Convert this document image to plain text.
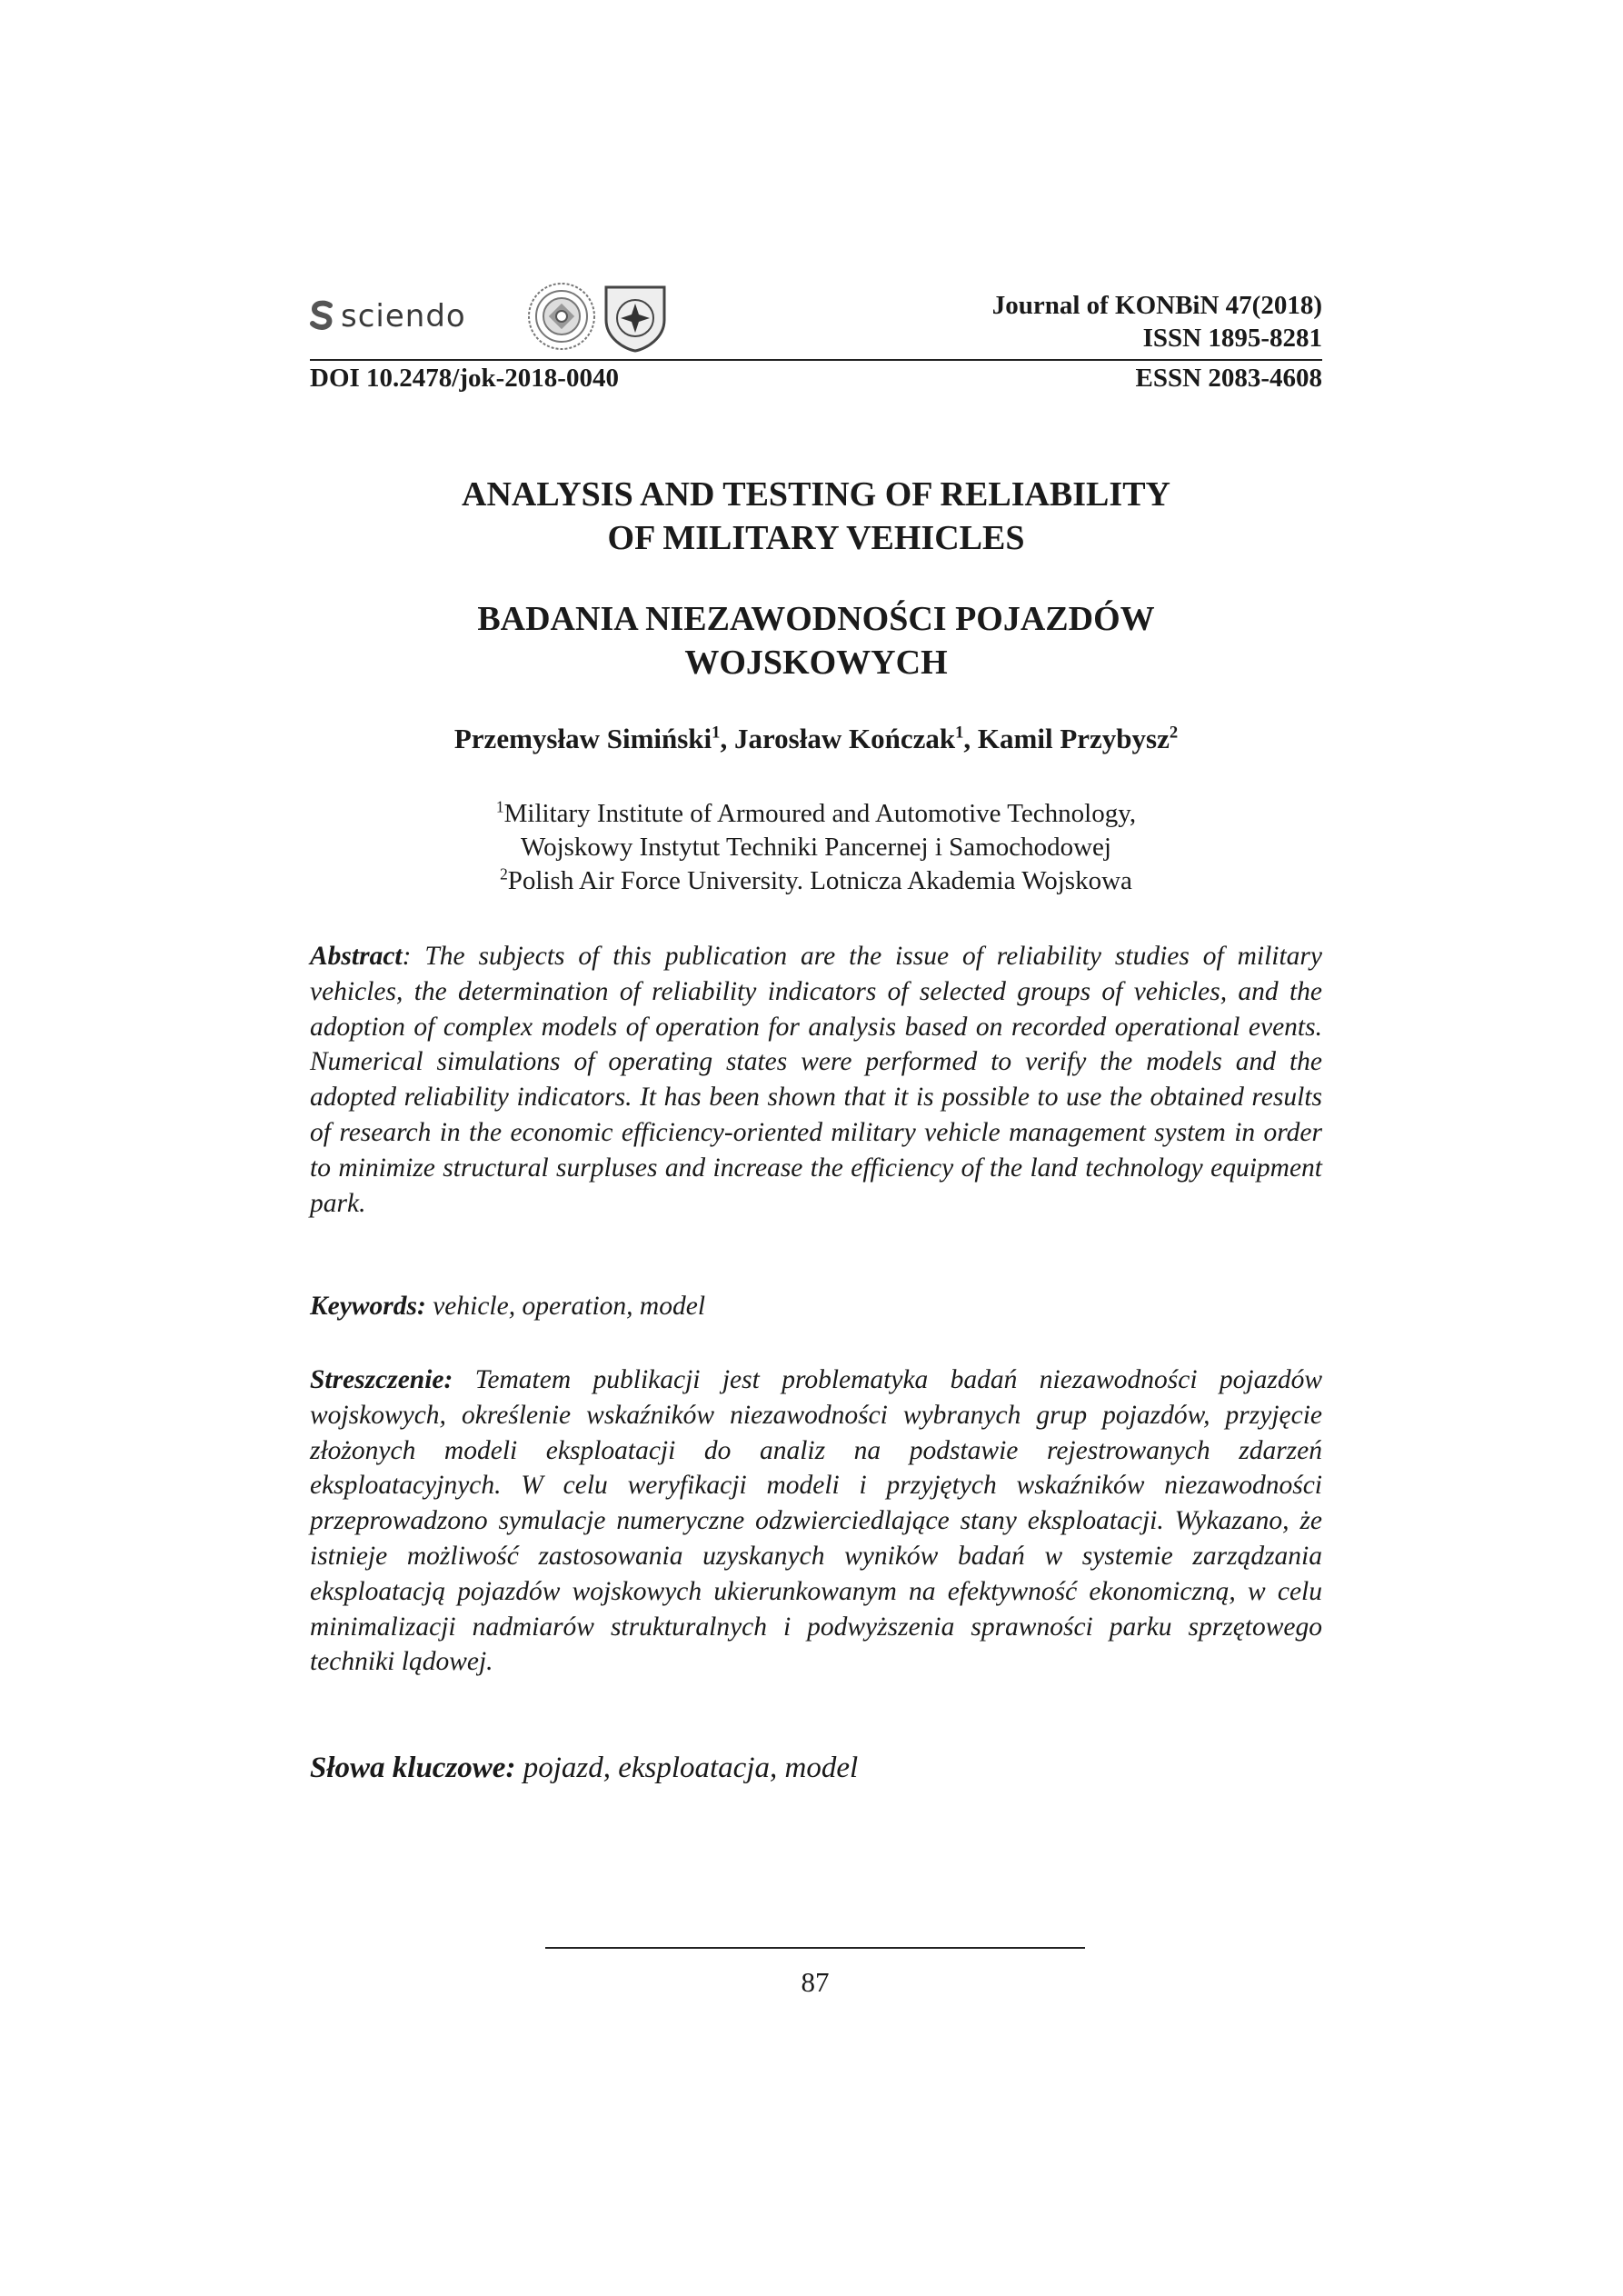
sciendo	Journal of KONBiN 47(2018)
ISSN 1895-8281
DOI 10.2478/jok-2018-0040	ESSN 2083-4608
ANALYSIS AND TESTING OF RELIABILITY
OF MILITARY VEHICLES
BADANIA NIEZAWODNOŚCI POJAZDÓW
WOJSKOWYCH
Przemysław Simiński$^1$, Jarosław Kończak$^1$, Kamil Przybysz$^2$
$^1$Military Institute of Armoured and Automotive Technology,
Wojskowy Instytut Techniki Pancernej i Samochodowej
$^2$Polish Air Force University. Lotnicza Akademia Wojskowa
Abstract: The subjects of this publication are the issue of reliability studies of military vehicles, the determination of reliability indicators of selected groups of vehicles, and the adoption of complex models of operation for analysis based on recorded operational events. Numerical simulations of operating states were performed to verify the models and the adopted reliability indicators. It has been shown that it is possible to use the obtained results of research in the economic efficiency-oriented military vehicle management system in order to minimize structural surpluses and increase the efficiency of the land technology equipment park.
Keywords: vehicle, operation, model
Streszczenie: Tematem publikacji jest problematyka badań niezawodności pojazdów wojskowych, określenie wskaźników niezawodności wybranych grup pojazdów, przyjęcie złożonych modeli eksploatacji do analiz na podstawie rejestrowanych zdarzeń eksploatacyjnych. W celu weryfikacji modeli i przyjętych wskaźników niezawodności przeprowadzono symulacje numeryczne odzwierciedlające stany eksploatacji. Wykazano, że istnieje możliwość zastosowania uzyskanych wyników badań w systemie zarządzania eksploatacją pojazdów wojskowych ukierunkowanym na efektywność ekonomiczną, w celu minimalizacji nadmiarów strukturalnych i podwyższenia sprawności parku sprzętowego techniki lądowej.
Słowa kluczowe: pojazd, eksploatacja, model
87
